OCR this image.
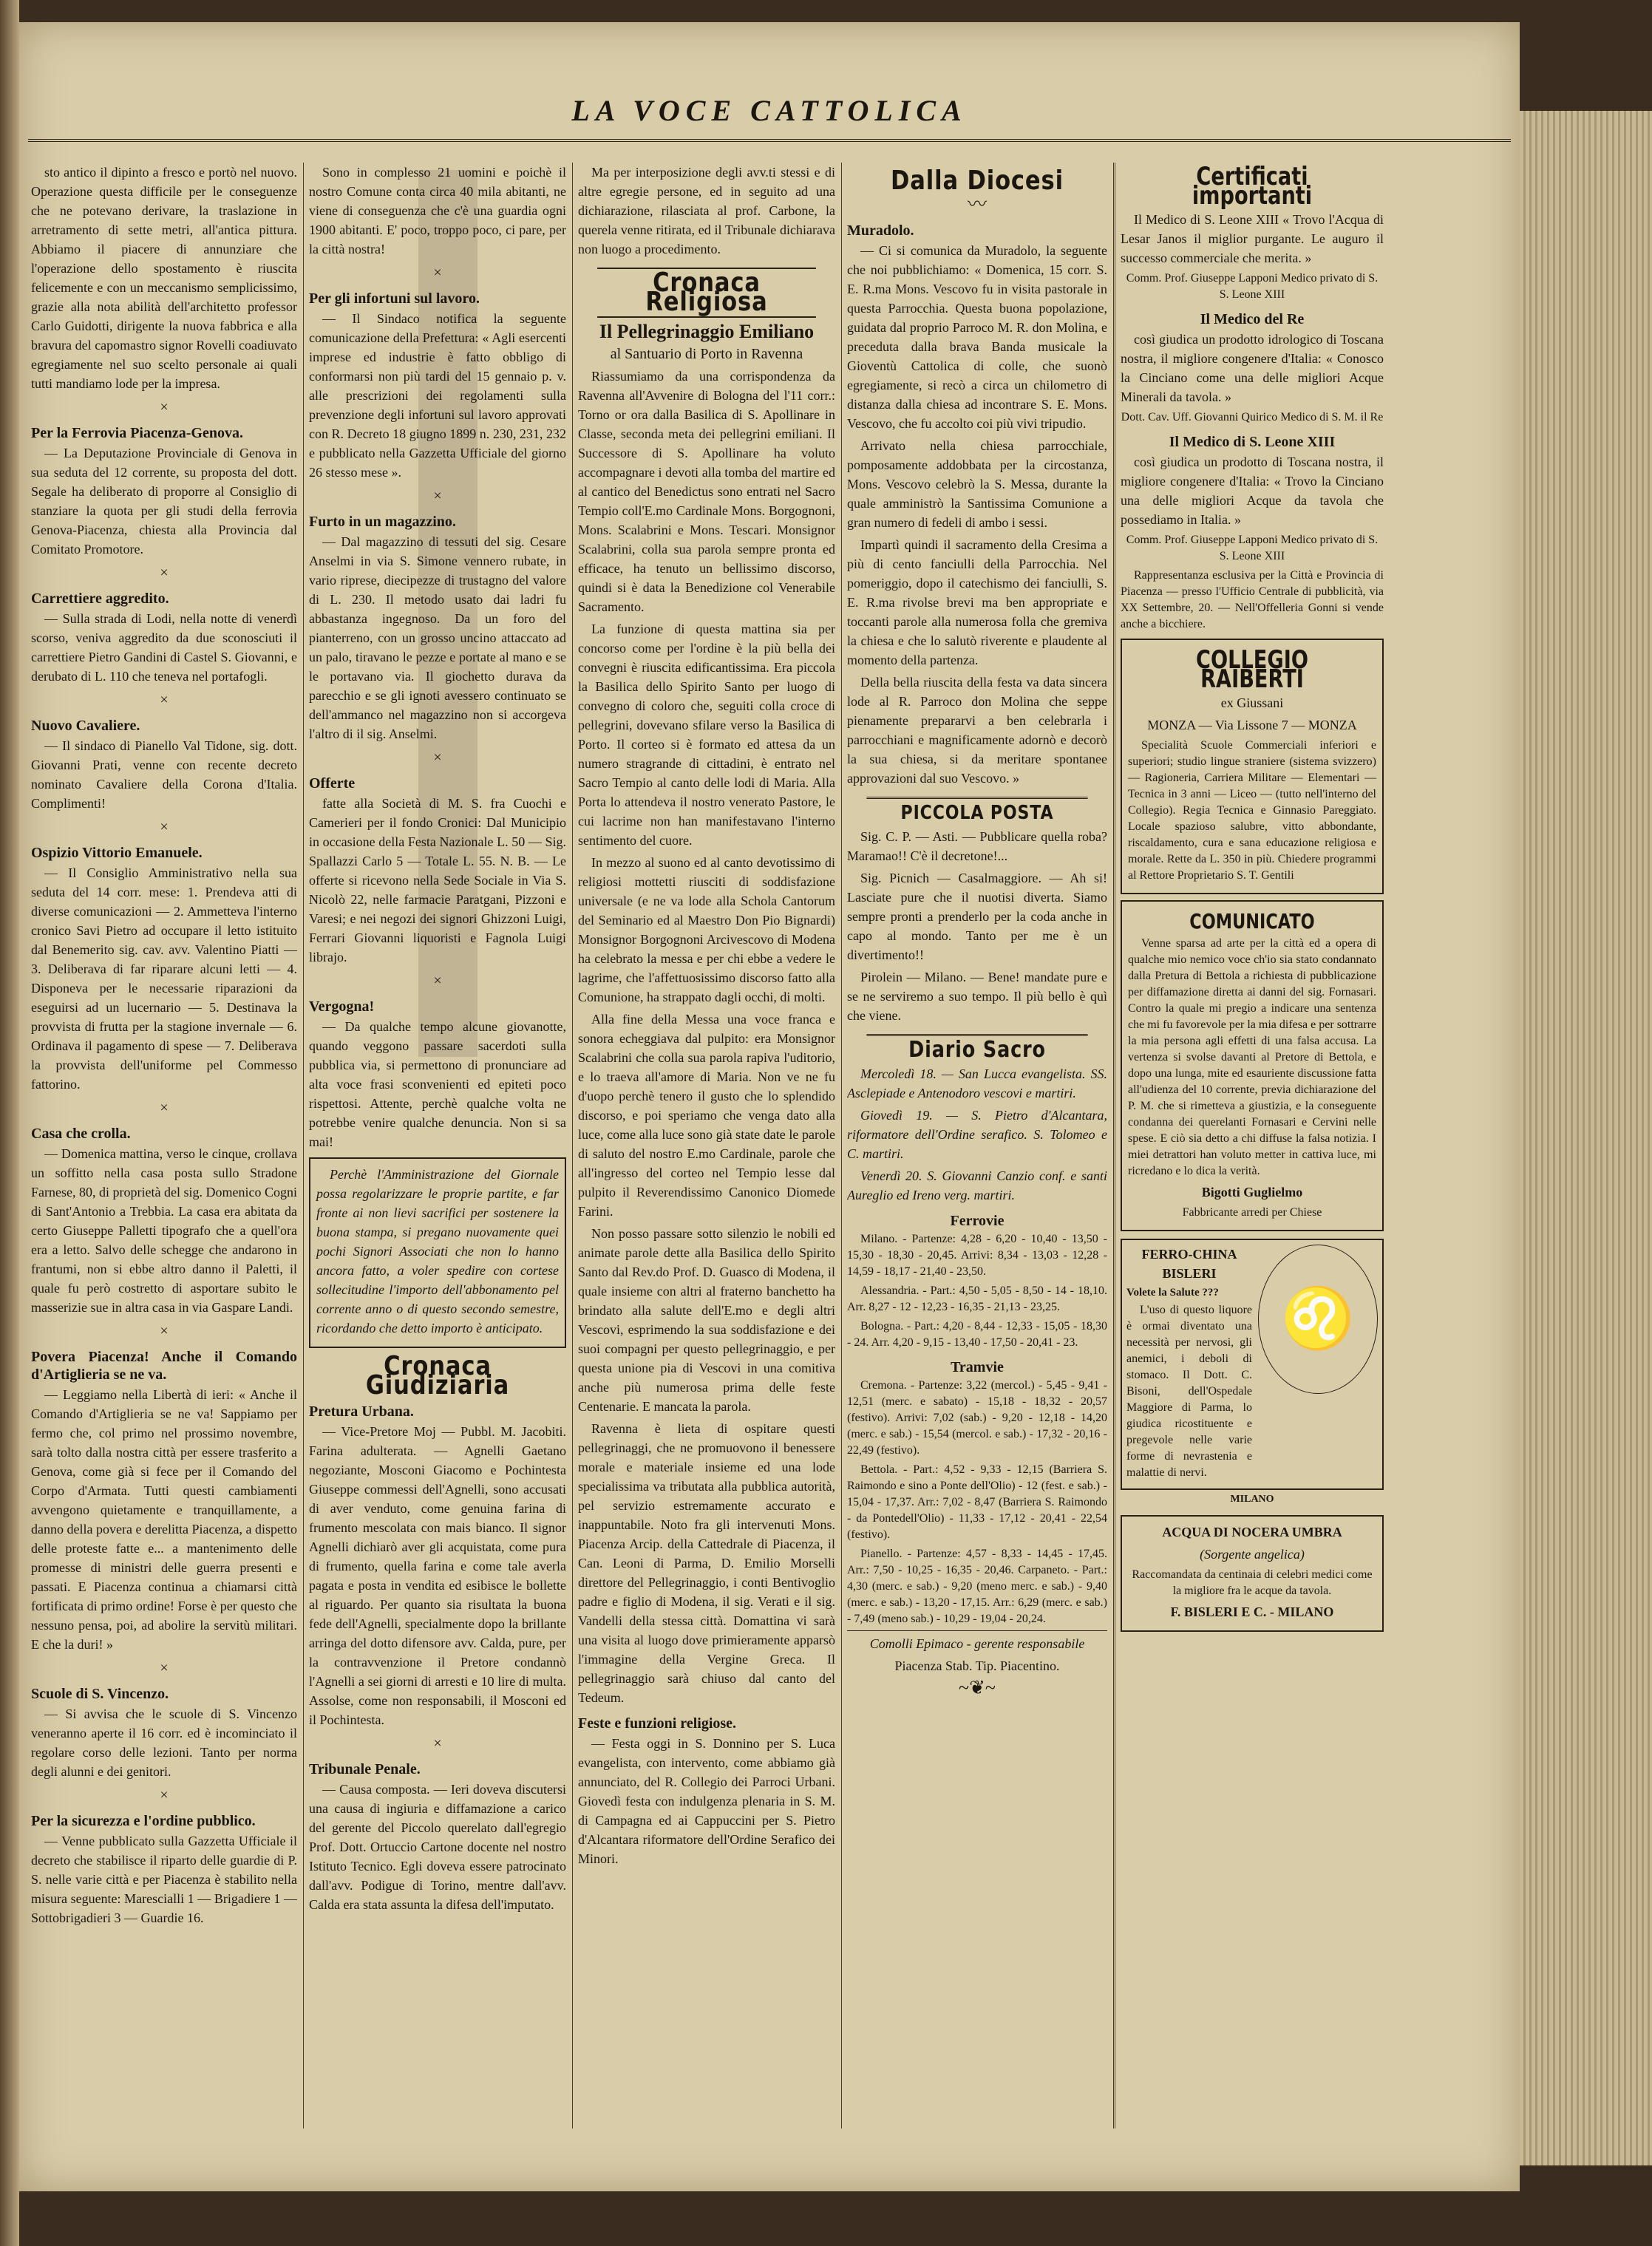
LA VOCE CATTOLICA

sto antico il dipinto a fresco e portò nel nuovo. Operazione questa difficile per le conseguenze che ne potevano derivare, la traslazione in arretramento di sette metri, all'antica pittura. Abbiamo il piacere di annunziare che l'operazione dello spostamento è riuscita felicemente e con un meccanismo semplicissimo, grazie alla nota abilità dell'architetto professor Carlo Guidotti, dirigente la nuova fabbrica e alla bravura del capomastro signor Rovelli coadiuvato egregiamente nel suo scelto personale ai quali tutti mandiamo lode per la impresa.

×
Per la Ferrovia Piacenza-Genova.

— La Deputazione Provinciale di Genova in sua seduta del 12 corrente, su proposta del dott. Segale ha deliberato di proporre al Consiglio di stanziare la quota per gli studi della ferrovia Genova-Piacenza, chiesta alla Provincia dal Comitato Promotore.

×
Carrettiere aggredito.

— Sulla strada di Lodi, nella notte di venerdì scorso, veniva aggredito da due sconosciuti il carrettiere Pietro Gandini di Castel S. Giovanni, e derubato di L. 110 che teneva nel portafogli.

×
Nuovo Cavaliere.

— Il sindaco di Pianello Val Tidone, sig. dott. Giovanni Prati, venne con recente decreto nominato Cavaliere della Corona d'Italia. Complimenti!

×
Ospizio Vittorio Emanuele.

— Il Consiglio Amministrativo nella sua seduta del 14 corr. mese: 1. Prendeva atti di diverse comunicazioni — 2. Ammetteva l'interno cronico Savi Pietro ad occupare il letto istituito dal Benemerito sig. cav. avv. Valentino Piatti — 3. Deliberava di far riparare alcuni letti — 4. Disponeva per le necessarie riparazioni da eseguirsi ad un lucernario — 5. Destinava la provvista di frutta per la stagione invernale — 6. Ordinava il pagamento di spese — 7. Deliberava la provvista dell'uniforme pel Commesso fattorino.

×
Casa che crolla.

— Domenica mattina, verso le cinque, crollava un soffitto nella casa posta sullo Stradone Farnese, 80, di proprietà del sig. Domenico Cogni di Sant'Antonio a Trebbia. La casa era abitata da certo Giuseppe Palletti tipografo che a quell'ora era a letto. Salvo delle schegge che andarono in frantumi, non si ebbe altro danno il Paletti, il quale fu però costretto di asportare subito le masserizie sue in altra casa in via Gaspare Landi.

×
Povera Piacenza! Anche il Comando d'Artiglieria se ne va.

— Leggiamo nella Libertà di ieri: « Anche il Comando d'Artiglieria se ne va! Sappiamo per fermo che, col primo nel prossimo novembre, sarà tolto dalla nostra città per essere trasferito a Genova, come già si fece per il Comando del Corpo d'Armata. Tutti questi cambiamenti avvengono quietamente e tranquillamente, a danno della povera e derelitta Piacenza, a dispetto delle proteste fatte e... a mantenimento delle promesse di ministri delle guerra presenti e passati. E Piacenza continua a chiamarsi città fortificata di primo ordine! Forse è per questo che nessuno pensa, poi, ad abolire la servitù militari. E che la duri! »

×
Scuole di S. Vincenzo.

— Si avvisa che le scuole di S. Vincenzo veneranno aperte il 16 corr. ed è incominciato il regolare corso delle lezioni. Tanto per norma degli alunni e dei genitori.

×
Per la sicurezza e l'ordine pubblico.

— Venne pubblicato sulla Gazzetta Ufficiale il decreto che stabilisce il riparto delle guardie di P. S. nelle varie città e per Piacenza è stabilito nella misura seguente: Marescialli 1 — Brigadiere 1 — Sottobrigadieri 3 — Guardie 16.

Sono in complesso 21 uomini e poichè il nostro Comune conta circa 40 mila abitanti, ne viene di conseguenza che c'è una guardia ogni 1900 abitanti. E' poco, troppo poco, ci pare, per la città nostra!

×
Per gli infortuni sul lavoro.

— Il Sindaco notifica la seguente comunicazione della Prefettura: « Agli esercenti imprese ed industrie è fatto obbligo di conformarsi non più tardi del 15 gennaio p. v. alle prescrizioni dei regolamenti sulla prevenzione degli infortuni sul lavoro approvati con R. Decreto 18 giugno 1899 n. 230, 231, 232 e pubblicato nella Gazzetta Ufficiale del giorno 26 stesso mese ».

×
Furto in un magazzino.

— Dal magazzino di tessuti del sig. Cesare Anselmi in via S. Simone vennero rubate, in vario riprese, diecipezze di trustagno del valore di L. 230. Il metodo usato dai ladri fu abbastanza ingegnoso. Da un foro del pianterreno, con un grosso uncino attaccato ad un palo, tiravano le pezze e portate al mano e se le portavano via. Il giochetto durava da parecchio e se gli ignoti avessero continuato se dell'ammanco nel magazzino non si accorgeva l'altro di il sig. Anselmi.

×
Offerte

fatte alla Società di M. S. fra Cuochi e Camerieri per il fondo Cronici: Dal Municipio in occasione della Festa Nazionale L. 50 — Sig. Spallazzi Carlo 5 — Totale L. 55. N. B. — Le offerte si ricevono nella Sede Sociale in Via S. Nicolò 22, nelle farmacie Paratgani, Pizzoni e Varesi; e nei negozi dei signori Ghizzoni Luigi, Ferrari Giovanni liquoristi e Fagnola Luigi librajo.

×
Vergogna!

— Da qualche tempo alcune giovanotte, quando veggono passare sacerdoti sulla pubblica via, si permettono di pronunciare ad alta voce frasi sconvenienti ed epiteti poco rispettosi. Attente, perchè qualche volta ne potrebbe venire qualche denuncia. Non si sa mai!

Perchè l'Amministrazione del Giornale possa regolarizzare le proprie partite, e far fronte ai non lievi sacrifici per sostenere la buona stampa, si pregano nuovamente quei pochi Signori Associati che non lo hanno ancora fatto, a voler spedire con cortese sollecitudine l'importo dell'abbonamento pel corrente anno o di questo secondo semestre, ricordando che detto importo è anticipato.

Cronaca Giudiziaria
Pretura Urbana.

— Vice-Pretore Moj — Pubbl. M. Jacobiti. Farina adulterata. — Agnelli Gaetano negoziante, Mosconi Giacomo e Pochintesta Giuseppe commessi dell'Agnelli, sono accusati di aver venduto, come genuina farina di frumento mescolata con mais bianco. Il signor Agnelli dichiarò aver gli acquistata, come pura di frumento, quella farina e come tale averla pagata e posta in vendita ed esibisce le bollette al riguardo. Per quanto sia risultata la buona fede dell'Agnelli, specialmente dopo la brillante arringa del dotto difensore avv. Calda, pure, per la contravvenzione il Pretore condannò l'Agnelli a sei giorni di arresti e 10 lire di multa. Assolse, come non responsabili, il Mosconi ed il Pochintesta.

×
Tribunale Penale.

— Causa composta. — Ieri doveva discutersi una causa di ingiuria e diffamazione a carico del gerente del Piccolo querelato dall'egregio Prof. Dott. Ortuccio Cartone docente nel nostro Istituto Tecnico. Egli doveva essere patrocinato dall'avv. Podigue di Torino, mentre dall'avv. Calda era stata assunta la difesa dell'imputato.

Ma per interposizione degli avv.ti stessi e di altre egregie persone, ed in seguito ad una dichiarazione, rilasciata al prof. Carbone, la querela venne ritirata, ed il Tribunale dichiarava non luogo a procedimento.

Cronaca Religiosa
Il Pellegrinaggio Emiliano
al Santuario di Porto in Ravenna

Riassumiamo da una corrispondenza da Ravenna all'Avvenire di Bologna del l'11 corr.: Torno or ora dalla Basilica di S. Apollinare in Classe, seconda meta dei pellegrini emiliani. Il Successore di S. Apollinare ha voluto accompagnare i devoti alla tomba del martire ed al cantico del Benedictus sono entrati nel Sacro Tempio coll'E.mo Cardinale Mons. Borgognoni, Mons. Scalabrini e Mons. Tescari. Monsignor Scalabrini, colla sua parola sempre pronta ed efficace, ha tenuto un bellissimo discorso, quindi si è data la Benedizione col Venerabile Sacramento.

La funzione di questa mattina sia per concorso come per l'ordine è la più bella dei convegni è riuscita edificantissima. Era piccola la Basilica dello Spirito Santo per luogo di convegno di coloro che, seguiti colla croce di pellegrini, dovevano sfilare verso la Basilica di Porto. Il corteo si è formato ed attesa da un numero stragrande di cittadini, è entrato nel Sacro Tempio al canto delle lodi di Maria. Alla Porta lo attendeva il nostro venerato Pastore, le cui lacrime non han manifestavano l'interno sentimento del cuore.

In mezzo al suono ed al canto devotissimo di religiosi mottetti riusciti di soddisfazione universale (e ne va lode alla Schola Cantorum del Seminario ed al Maestro Don Pio Bignardi) Monsignor Borgognoni Arcivescovo di Modena ha celebrato la messa e per chi ebbe a vedere le lagrime, che l'affettuosissimo discorso fatto alla Comunione, ha strappato dagli occhi, di molti.

Alla fine della Messa una voce franca e sonora echeggiava dal pulpito: era Monsignor Scalabrini che colla sua parola rapiva l'uditorio, e lo traeva all'amore di Maria. Non ve ne fu d'uopo perchè tenero il gusto che lo splendido discorso, e poi speriamo che venga dato alla luce, come alla luce sono già state date le parole di saluto del nostro E.mo Cardinale, parole che all'ingresso del corteo nel Tempio lesse dal pulpito il Reverendissimo Canonico Diomede Farini.

Non posso passare sotto silenzio le nobili ed animate parole dette alla Basilica dello Spirito Santo dal Rev.do Prof. D. Guasco di Modena, il quale insieme con altri al fraterno banchetto ha brindato alla salute dell'E.mo e degli altri Vescovi, esprimendo la sua soddisfazione e dei suoi compagni per questo pellegrinaggio, e per questa unione pia di Vescovi in una comitiva anche più numerosa prima delle feste Centenarie. E mancata la parola.

Ravenna è lieta di ospitare questi pellegrinaggi, che ne promuovono il benessere morale e materiale insieme ed una lode specialissima va tributata alla pubblica autorità, pel servizio estremamente accurato e inappuntabile. Noto fra gli intervenuti Mons. Piacenza Arcip. della Cattedrale di Piacenza, il Can. Leoni di Parma, D. Emilio Morselli direttore del Pellegrinaggio, i conti Bentivoglio padre e figlio di Modena, il sig. Verati e il sig. Vandelli della stessa città. Domattina vi sarà una visita al luogo dove primieramente apparsò l'immagine della Vergine Greca. Il pellegrinaggio sarà chiuso dal canto del Tedeum.

Feste e funzioni religiose.

— Festa oggi in S. Donnino per S. Luca evangelista, con intervento, come abbiamo già annunciato, del R. Collegio dei Parroci Urbani. Giovedì festa con indulgenza plenaria in S. M. di Campagna ed ai Cappuccini per S. Pietro d'Alcantara riformatore dell'Ordine Serafico dei Minori.

Dalla Diocesi
〰
Muradolo.

— Ci si comunica da Muradolo, la seguente che noi pubblichiamo: « Domenica, 15 corr. S. E. R.ma Mons. Vescovo fu in visita pastorale in questa Parrocchia. Questa buona popolazione, guidata dal proprio Parroco M. R. don Molina, e preceduta dalla brava Banda musicale la Gioventù Cattolica di colle, che suonò egregiamente, si recò a circa un chilometro di distanza dalla chiesa ad incontrare S. E. Mons. Vescovo, che fu accolto coi più vivi tripudio.

Arrivato nella chiesa parrocchiale, pomposamente addobbata per la circostanza, Mons. Vescovo celebrò la S. Messa, durante la quale amministrò la Santissima Comunione a gran numero di fedeli di ambo i sessi.

Impartì quindi il sacramento della Cresima a più di cento fanciulli della Parrocchia. Nel pomeriggio, dopo il catechismo dei fanciulli, S. E. R.ma rivolse brevi ma ben appropriate e toccanti parole alla numerosa folla che gremiva la chiesa e che lo salutò riverente e plaudente al momento della partenza.

Della bella riuscita della festa va data sincera lode al R. Parroco don Molina che seppe pienamente prepararvi a ben celebrarla i parrocchiani e magnificamente adornò e decorò la sua chiesa, si da meritare spontanee approvazioni dal suo Vescovo. »

PICCOLA POSTA

Sig. C. P. — Asti. — Pubblicare quella roba? Maramao!! C'è il decretone!...

Sig. Picnich — Casalmaggiore. — Ah si! Lasciate pure che il nuotisi diverta. Siamo sempre pronti a prenderlo per la coda anche in capo al mondo. Tanto per me è un divertimento!!

Pirolein — Milano. — Bene! mandate pure e se ne serviremo a suo tempo. Il più bello è quì che viene.

Diario Sacro

Mercoledì 18. — San Lucca evangelista. SS. Asclepiade e Antenodoro vescovi e martiri.

Giovedì 19. — S. Pietro d'Alcantara, riformatore dell'Ordine serafico. S. Tolomeo e C. martiri.

Venerdì 20. S. Giovanni Canzio conf. e santi Aureglio ed Ireno verg. martiri.

Ferrovie

Milano. - Partenze: 4,28 - 6,20 - 10,40 - 13,50 - 15,30 - 18,30 - 20,45. Arrivi: 8,34 - 13,03 - 12,28 - 14,59 - 18,17 - 21,40 - 23,50.

Alessandria. - Part.: 4,50 - 5,05 - 8,50 - 14 - 18,10. Arr. 8,27 - 12 - 12,23 - 16,35 - 21,13 - 23,25.

Bologna. - Part.: 4,20 - 8,44 - 12,33 - 15,05 - 18,30 - 24. Arr. 4,20 - 9,15 - 13,40 - 17,50 - 20,41 - 23.

Tramvie

Cremona. - Partenze: 3,22 (mercol.) - 5,45 - 9,41 - 12,51 (merc. e sabato) - 15,18 - 18,32 - 20,57 (festivo). Arrivi: 7,02 (sab.) - 9,20 - 12,18 - 14,20 (merc. e sab.) - 15,54 (mercol. e sab.) - 17,32 - 20,16 - 22,49 (festivo).

Bettola. - Part.: 4,52 - 9,33 - 12,15 (Barriera S. Raimondo e sino a Ponte dell'Olio) - 12 (fest. e sab.) - 15,04 - 17,37. Arr.: 7,02 - 8,47 (Barriera S. Raimondo - da Pontedell'Olio) - 11,33 - 17,12 - 20,41 - 22,54 (festivo).

Pianello. - Partenze: 4,57 - 8,33 - 14,45 - 17,45. Arr.: 7,50 - 10,25 - 16,35 - 20,46. Carpaneto. - Part.: 4,30 (merc. e sab.) - 9,20 (meno merc. e sab.) - 9,40 (merc. e sab.) - 13,20 - 17,15. Arr.: 6,29 (merc. e sab.) - 7,49 (meno sab.) - 10,29 - 19,04 - 20,24.

Comolli Epimaco - gerente responsabile

Piacenza Stab. Tip. Piacentino.

~❦~
Certificati importanti

Il Medico di S. Leone XIII « Trovo l'Acqua di Lesar Janos il miglior purgante. Le auguro il successo commerciale che merita. »

Comm. Prof. Giuseppe Lapponi Medico privato di S. S. Leone XIII

Il Medico del Re

così giudica un prodotto idrologico di Toscana nostra, il migliore congenere d'Italia: « Conosco la Cinciano come una delle migliori Acque Minerali da tavola. »

Dott. Cav. Uff. Giovanni Quirico Medico di S. M. il Re

Il Medico di S. Leone XIII

così giudica un prodotto di Toscana nostra, il migliore congenere d'Italia: « Trovo la Cinciano una delle migliori Acque da tavola che possediamo in Italia. »

Comm. Prof. Giuseppe Lapponi Medico privato di S. S. Leone XIII

Rappresentanza esclusiva per la Città e Provincia di Piacenza — presso l'Ufficio Centrale di pubblicità, via XX Settembre, 20. — Nell'Offelleria Gonni si vende anche a bicchiere.

COLLEGIO RAIBERTI

ex Giussani

MONZA — Via Lissone 7 — MONZA

Specialità Scuole Commerciali inferiori e superiori; studio lingue straniere (sistema svizzero) — Ragioneria, Carriera Militare — Elementari — Tecnica in 3 anni — Liceo — (tutto nell'interno del Collegio). Regia Tecnica e Ginnasio Pareggiato. Locale spazioso salubre, vitto abbondante, riscaldamento, cura e sana educazione religiosa e morale. Rette da L. 350 in più. Chiedere programmi al Rettore Proprietario S. T. Gentili

COMUNICATO

Venne sparsa ad arte per la città ed a opera di qualche mio nemico voce ch'io sia stato condannato dalla Pretura di Bettola a richiesta di pubblicazione per diffamazione diretta ai danni del sig. Fornasari. Contro la quale mi pregio a indicare una sentenza che mi fu favorevole per la mia difesa e per sottrarre la mia persona agli effetti di una falsa accusa. La vertenza si svolse davanti al Pretore di Bettola, e dopo una lunga, mite ed esauriente discussione fatta all'udienza del 10 corrente, previa dichiarazione del P. M. che si rimetteva a giustizia, e la conseguente condanna dei querelanti Fornasari e Cervini nelle spese. E ciò sia detto a chi diffuse la falsa notizia. I miei detrattori han voluto metter in cattiva luce, mi ricredano e lo dica la verità.

Bigotti Guglielmo

Fabbricante arredi per Chiese

FERRO-CHINA BISLERI
Volete la Salute ???

L'uso di questo liquore è ormai diventato una necessità per nervosi, gli anemici, i deboli di stomaco. Il Dott. C. Bisoni, dell'Ospedale Maggiore di Parma, lo giudica ricostituente e pregevole nelle varie forme di nevrastenia e malattie di nervi.

♌
MILANO

ACQUA DI NOCERA UMBRA

(Sorgente angelica)

Raccomandata da centinaia di celebri medici come la migliore fra le acque da tavola.

F. BISLERI E C. - MILANO
